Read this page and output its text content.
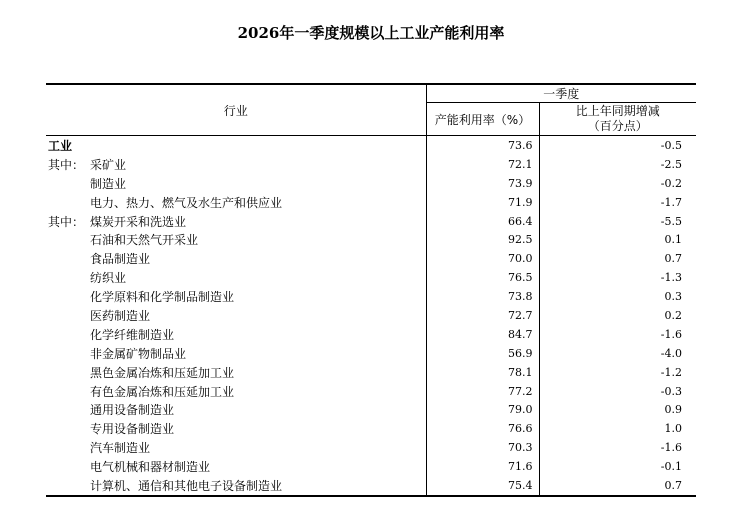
2026年一季度规模以上工业产能利用率
行业	一季度	
	产能利用率（%）	比上年同期增减
（百分点）

工业	73.6	-0.5
其中： 采矿业	72.1	-2.5
制造业	73.9	-0.2
电力、热力、燃气及水生产和供应业	71.9	-1.7
其中： 煤炭开采和洗选业	66.4	-5.5
石油和天然气开采业	92.5	0.1
食品制造业	70.0	0.7
纺织业	76.5	-1.3
化学原料和化学制品制造业	73.8	0.3
医药制造业	72.7	0.2
化学纤维制造业	84.7	-1.6
非金属矿物制品业	56.9	-4.0
黑色金属冶炼和压延加工业	78.1	-1.2
有色金属冶炼和压延加工业	77.2	-0.3
通用设备制造业	79.0	0.9
专用设备制造业	76.6	1.0
汽车制造业	70.3	-1.6
电气机械和器材制造业	71.6	-0.1
计算机、通信和其他电子设备制造业	75.4	0.7
